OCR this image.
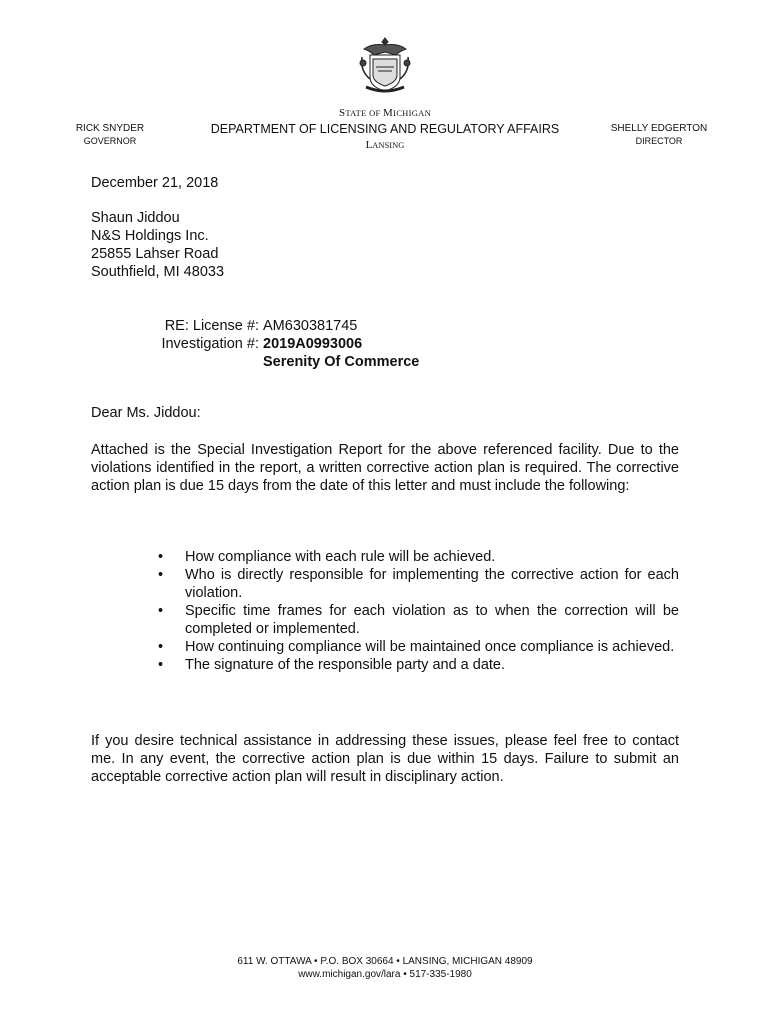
RICK SNYDER
GOVERNOR
STATE OF MICHIGAN
DEPARTMENT OF LICENSING AND REGULATORY AFFAIRS
LANSING
SHELLY EDGERTON
DIRECTOR
December 21, 2018
Shaun Jiddou
N&S Holdings Inc.
25855 Lahser Road
Southfield, MI 48033
RE: License #: AM630381745
Investigation #: 2019A0993006
Serenity Of Commerce
Dear Ms. Jiddou:
Attached is the Special Investigation Report for the above referenced facility. Due to the violations identified in the report, a written corrective action plan is required. The corrective action plan is due 15 days from the date of this letter and must include the following:
• How compliance with each rule will be achieved.
• Who is directly responsible for implementing the corrective action for each violation.
• Specific time frames for each violation as to when the correction will be completed or implemented.
• How continuing compliance will be maintained once compliance is achieved.
• The signature of the responsible party and a date.
If you desire technical assistance in addressing these issues, please feel free to contact me. In any event, the corrective action plan is due within 15 days. Failure to submit an acceptable corrective action plan will result in disciplinary action.
611 W. OTTAWA • P.O. BOX 30664 • LANSING, MICHIGAN 48909
www.michigan.gov/lara • 517-335-1980
